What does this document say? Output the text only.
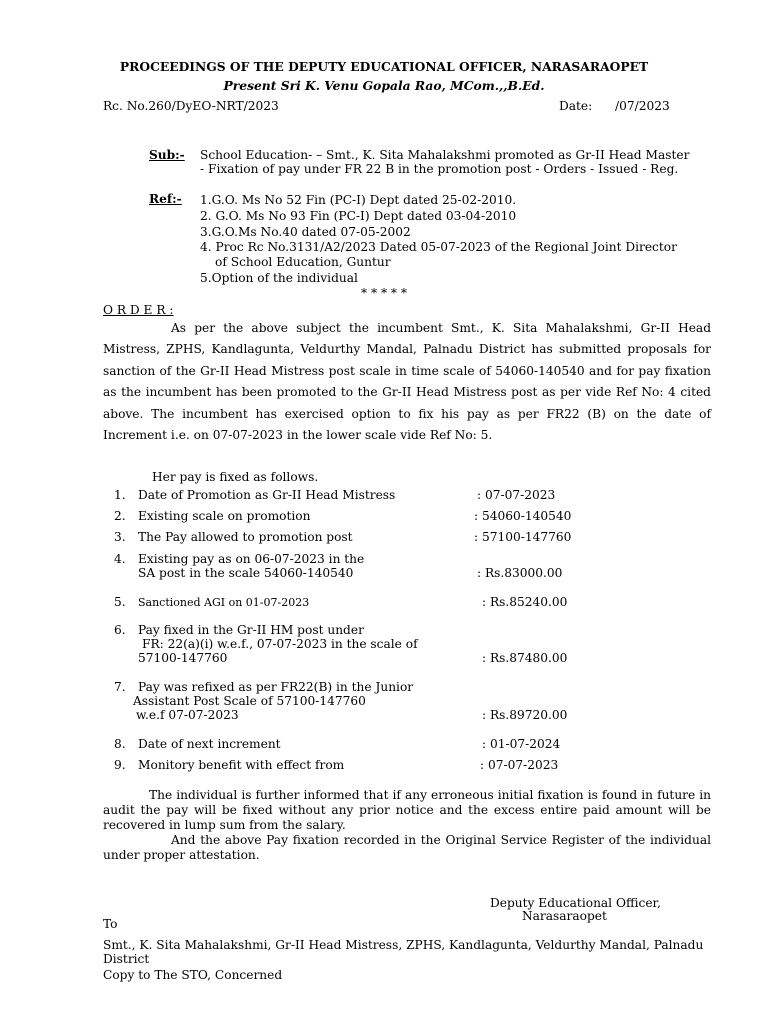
PROCEEDINGS OF THE DEPUTY EDUCATIONAL OFFICER, NARASARAOPET
Present Sri K. Venu Gopala Rao, MCom.,,B.Ed.
Rc. No.260/DyEO-NRT/2023	Date: /07/2023
Sub:- School Education- – Smt., K. Sita Mahalakshmi promoted as Gr-II Head Master
- Fixation of pay under FR 22 B in the promotion post - Orders - Issued - Reg.
Ref:- 1.G.O. Ms No 52 Fin (PC-I) Dept dated 25-02-2010.
2. G.O. Ms No 93 Fin (PC-I) Dept dated 03-04-2010
3.G.O.Ms No.40 dated 07-05-2002
4. Proc Rc No.3131/A2/2023 Dated 05-07-2023 of the Regional Joint Director
of School Education, Guntur
5.Option of the individual
* * * * *
O R D E R :
As per the above subject the incumbent Smt., K. Sita Mahalakshmi, Gr-II Head Mistress, ZPHS, Kandlagunta, Veldurthy Mandal, Palnadu District has submitted proposals for sanction of the Gr-II Head Mistress post scale in time scale of 54060-140540 and for pay fixation as the incumbent has been promoted to the Gr-II Head Mistress post as per vide Ref No: 4 cited above. The incumbent has exercised option to fix his pay as per FR22 (B) on the date of Increment i.e. on 07-07-2023 in the lower scale vide Ref No: 5.
Her pay is fixed as follows.
1. Date of Promotion as Gr-II Head Mistress	: 07-07-2023
2. Existing scale on promotion	: 54060-140540
3. The Pay allowed to promotion post	: 57100-147760
4. Existing pay as on 06-07-2023 in the
SA post in the scale 54060-140540	: Rs.83000.00
5. Sanctioned AGI on 01-07-2023	: Rs.85240.00
6. Pay fixed in the Gr-II HM post under
FR: 22(a)(i) w.e.f., 07-07-2023 in the scale of
57100-147760	: Rs.87480.00
7. Pay was refixed as per FR22(B) in the Junior
Assistant Post Scale of 57100-147760
w.e.f 07-07-2023	: Rs.89720.00
8. Date of next increment	: 01-07-2024
9. Monitory benefit with effect from	: 07-07-2023
The individual is further informed that if any erroneous initial fixation is found in future in audit the pay will be fixed without any prior notice and the excess entire paid amount will be recovered in lump sum from the salary.
And the above Pay fixation recorded in the Original Service Register of the individual under proper attestation.
Deputy Educational Officer,
Narasaraopet
To
Smt., K. Sita Mahalakshmi, Gr-II Head Mistress, ZPHS, Kandlagunta, Veldurthy Mandal, Palnadu
District
Copy to The STO, Concerned
